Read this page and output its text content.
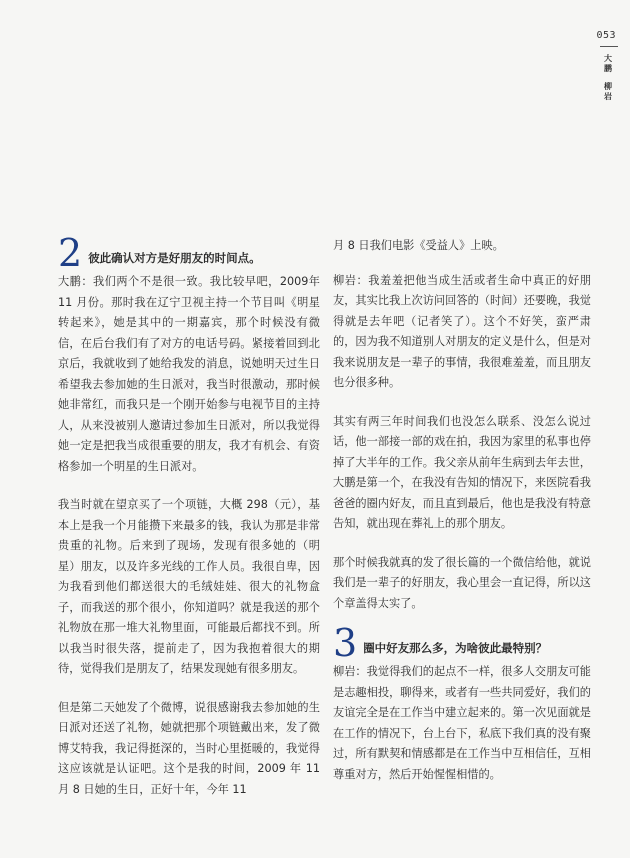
053
大鹏
柳岩
2 彼此确认对方是好朋友的时间点。

大鹏：我们两个不是很一致。我比较早吧，2009年 11 月份。那时我在辽宁卫视主持一个节目叫《明星转起来》，她是其中的一期嘉宾，那个时候没有微信，在后台我们有了对方的电话号码。紧接着回到北京后，我就收到了她给我发的消息，说她明天过生日希望我去参加她的生日派对，我当时很激动，那时候她非常红，而我只是一个刚开始参与电视节目的主持人，从来没被别人邀请过参加生日派对，所以我觉得她一定是把我当成很重要的朋友，我才有机会、有资格参加一个明星的生日派对。

我当时就在望京买了一个项链，大概 298（元），基本上是我一个月能攒下来最多的钱，我认为那是非常贵重的礼物。后来到了现场，发现有很多她的（明星）朋友，以及许多光线的工作人员。我很自卑，因为我看到他们都送很大的毛绒娃娃、很大的礼物盒子，而我送的那个很小，你知道吗？就是我送的那个礼物放在那一堆大礼物里面，可能最后都找不到。所以我当时很失落，提前走了，因为我抱着很大的期待，觉得我们是朋友了，结果发现她有很多朋友。

但是第二天她发了个微博，说很感谢我去参加她的生日派对还送了礼物，她就把那个项链戴出来，发了微博艾特我，我记得挺深的，当时心里挺暖的，我觉得这应该就是认证吧。这个是我的时间，2009 年 11 月 8 日她的生日，正好十年，今年 11

月 8 日我们电影《受益人》上映。

柳岩：我羞羞把他当成生活或者生命中真正的好朋友，其实比我上次访问回答的（时间）还要晚，我觉得就是去年吧（记者笑了）。这个不好笑，蛮严肃的，因为我不知道别人对朋友的定义是什么，但是对我来说朋友是一辈子的事情，我很难羞羞，而且朋友也分很多种。

其实有两三年时间我们也没怎么联系、没怎么说过话，他一部接一部的戏在拍，我因为家里的私事也停掉了大半年的工作。我父亲从前年生病到去年去世，大鹏是第一个，在我没有告知的情况下，来医院看我爸爸的圈内好友，而且直到最后，他也是我没有特意告知，就出现在葬礼上的那个朋友。

那个时候我就真的发了很长篇的一个微信给他，就说我们是一辈子的好朋友，我心里会一直记得，所以这个章盖得太实了。

3 圈中好友那么多，为啥彼此最特别？

柳岩：我觉得我们的起点不一样，很多人交朋友可能是志趣相投，聊得来，或者有一些共同爱好，我们的友谊完全是在工作当中建立起来的。第一次见面就是在工作的情况下，台上台下，私底下我们真的没有聚过，所有默契和情感都是在工作当中互相信任，互相尊重对方，然后开始惺惺相惜的。
